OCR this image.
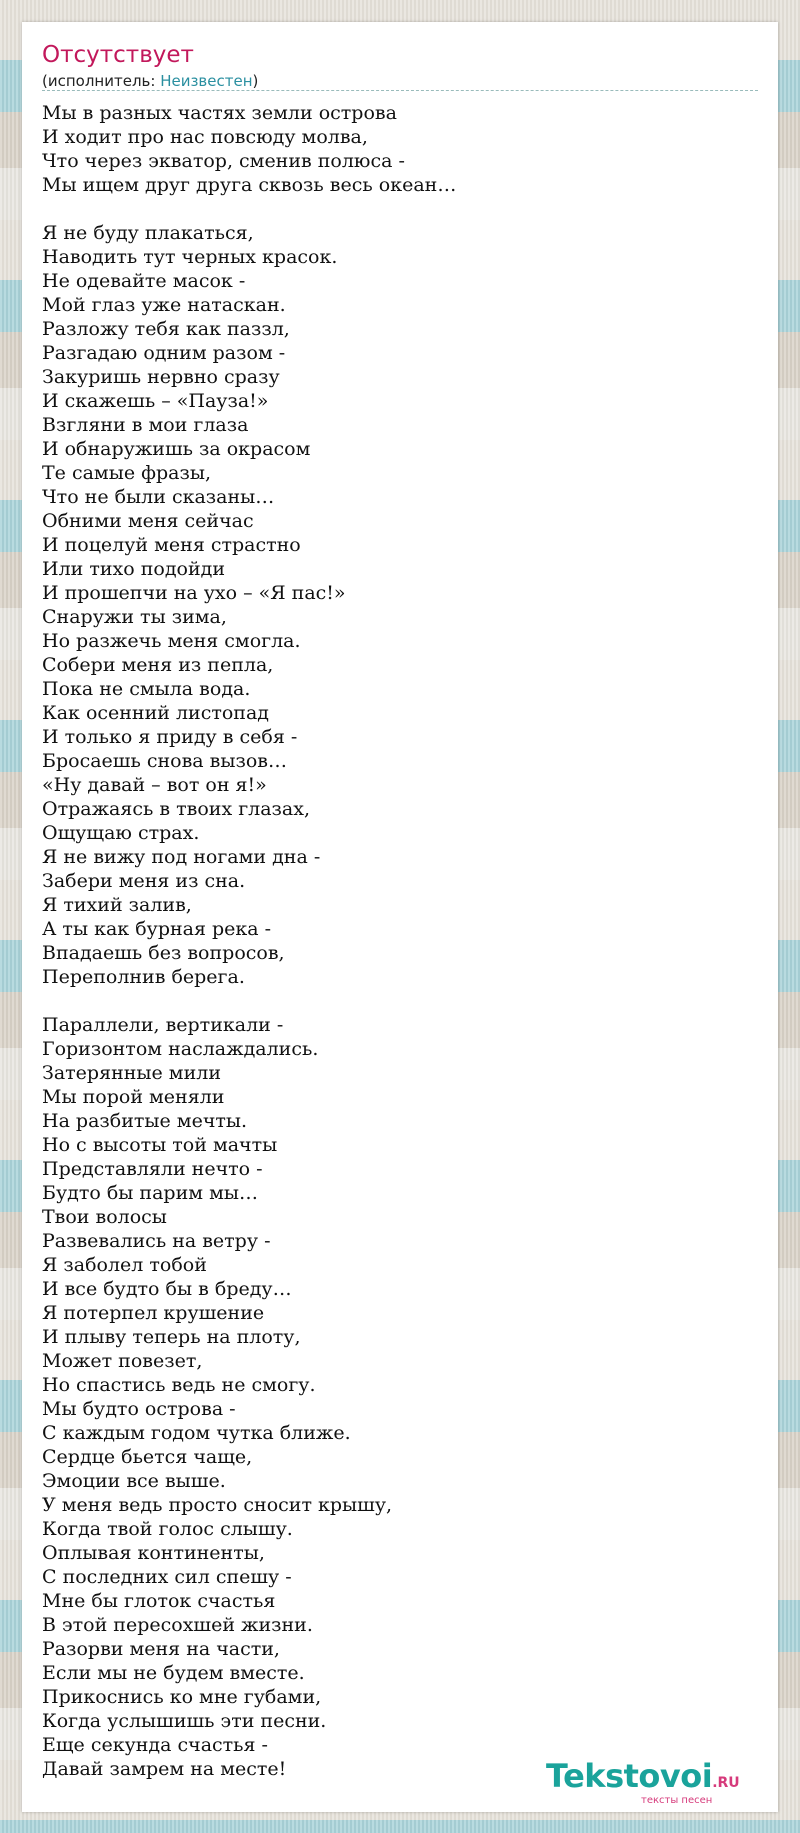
Отсутствует
(исполнитель: Неизвестен)
Мы в разных частях земли острова
И ходит про нас повсюду молва,
Что через экватор, сменив полюса -
Мы ищем друг друга сквозь весь океан…
Я не буду плакаться,
Наводить тут черных красок.
Не одевайте масок -
Мой глаз уже натаскан.
Разложу тебя как паззл,
Разгадаю одним разом -
Закуришь нервно сразу
И скажешь – «Пауза!»
Взгляни в мои глаза
И обнаружишь за окрасом
Те самые фразы,
Что не были сказаны…
Обними меня сейчас
И поцелуй меня страстно
Или тихо подойди
И прошепчи на ухо – «Я пас!»
Снаружи ты зима,
Но разжечь меня смогла.
Собери меня из пепла,
Пока не смыла вода.
Как осенний листопад
И только я приду в себя -
Бросаешь снова вызов…
«Ну давай – вот он я!»
Отражаясь в твоих глазах,
Ощущаю страх.
Я не вижу под ногами дна -
Забери меня из сна.
Я тихий залив,
А ты как бурная река -
Впадаешь без вопросов,
Переполнив берега.
Параллели, вертикали -
Горизонтом наслаждались.
Затерянные мили
Мы порой меняли
На разбитые мечты.
Но с высоты той мачты
Представляли нечто -
Будто бы парим мы…
Твои волосы
Развевались на ветру -
Я заболел тобой
И все будто бы в бреду…
Я потерпел крушение
И плыву теперь на плоту,
Может повезет,
Но спастись ведь не смогу.
Мы будто острова -
С каждым годом чутка ближе.
Сердце бьется чаще,
Эмоции все выше.
У меня ведь просто сносит крышу,
Когда твой голос слышу.
Оплывая континенты,
С последних сил спешу -
Мне бы глоток счастья
В этой пересохшей жизни.
Разорви меня на части,
Если мы не будем вместе.
Прикоснись ко мне губами,
Когда услышишь эти песни.
Еще секунда счастья -
Давай замрем на месте!	Tekstovoi.RU
тексты песен
